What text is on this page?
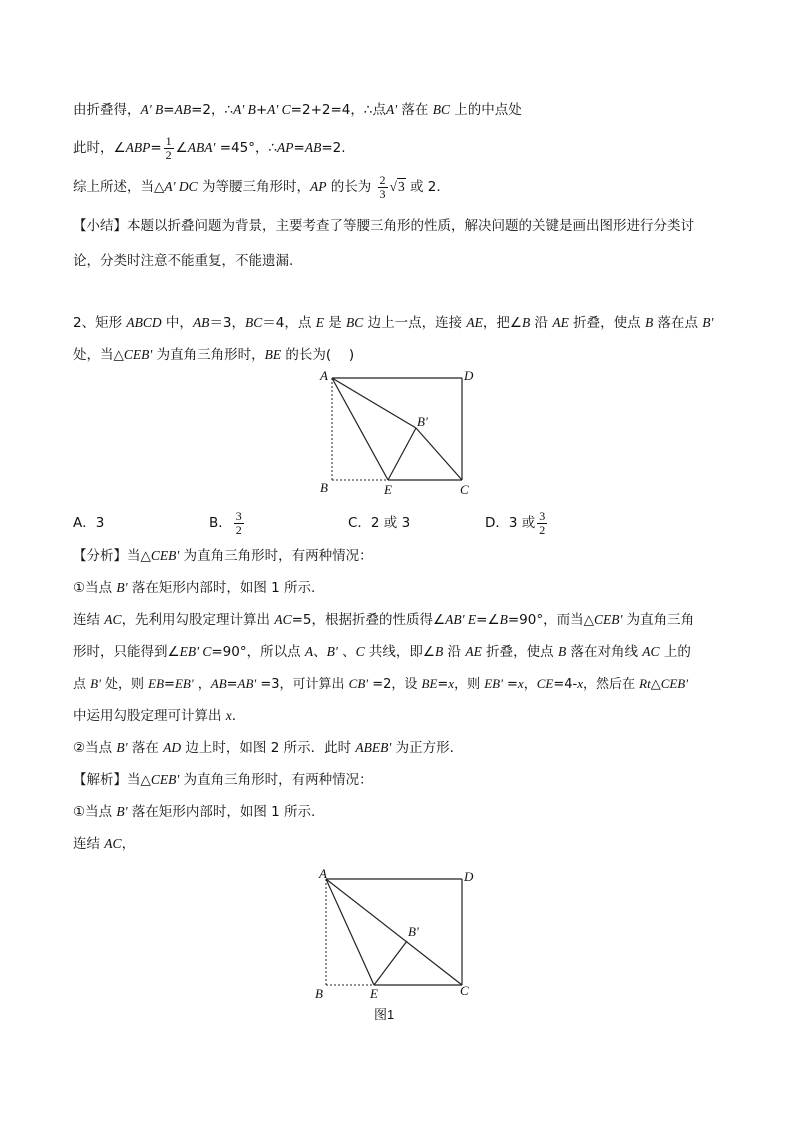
由折叠得，A' B=AB=2，∴A' B+A' C=2+2=4，∴点A' 落在 BC 上的中点处
此时，∠ABP= $\frac{1}{2}$ ∠ABA' =45°，∴AP=AB=2.
综上所述，当△A' DC 为等腰三角形时，AP 的长为 $\frac{2}{3} √3$ 或 2.
【小结】本题以折叠问题为背景，主要考查了等腰三角形的性质，解决问题的关键是画出图形进行分类讨
论，分类时注意不能重复，不能遗漏.
2、矩形 ABCD 中，AB＝3，BC＝4，点 E 是 BC 边上一点，连接 AE，把∠B 沿 AE 折叠，使点 B 落在点 B'
处，当△CEB' 为直角三角形时，BE 的长为(　 )
A	D
B	E	C
B'
A．3	B． $\frac{3}{2}$	C．2 或 3	D．3 或 $\frac{3}{2}$
【分析】当△CEB' 为直角三角形时，有两种情况：
①当点 B' 落在矩形内部时，如图 1 所示.
连结 AC，先利用勾股定理计算出 AC=5，根据折叠的性质得∠AB' E=∠B=90°，而当△CEB' 为直角三角
形时，只能得到∠EB' C=90°，所以点 A、B' 、C 共线，即∠B 沿 AE 折叠，使点 B 落在对角线 AC 上的
点 B' 处，则 EB=EB' ，AB=AB' =3，可计算出 CB' =2，设 BE=x，则 EB' =x，CE=4-x，然后在 Rt△CEB'
中运用勾股定理可计算出 x.
②当点 B' 落在 AD 边上时，如图 2 所示．此时 ABEB' 为正方形.
【解析】当△CEB' 为直角三角形时，有两种情况：
①当点 B' 落在矩形内部时，如图 1 所示.
连结 AC，
A	D
B	E	C
B'
图1
